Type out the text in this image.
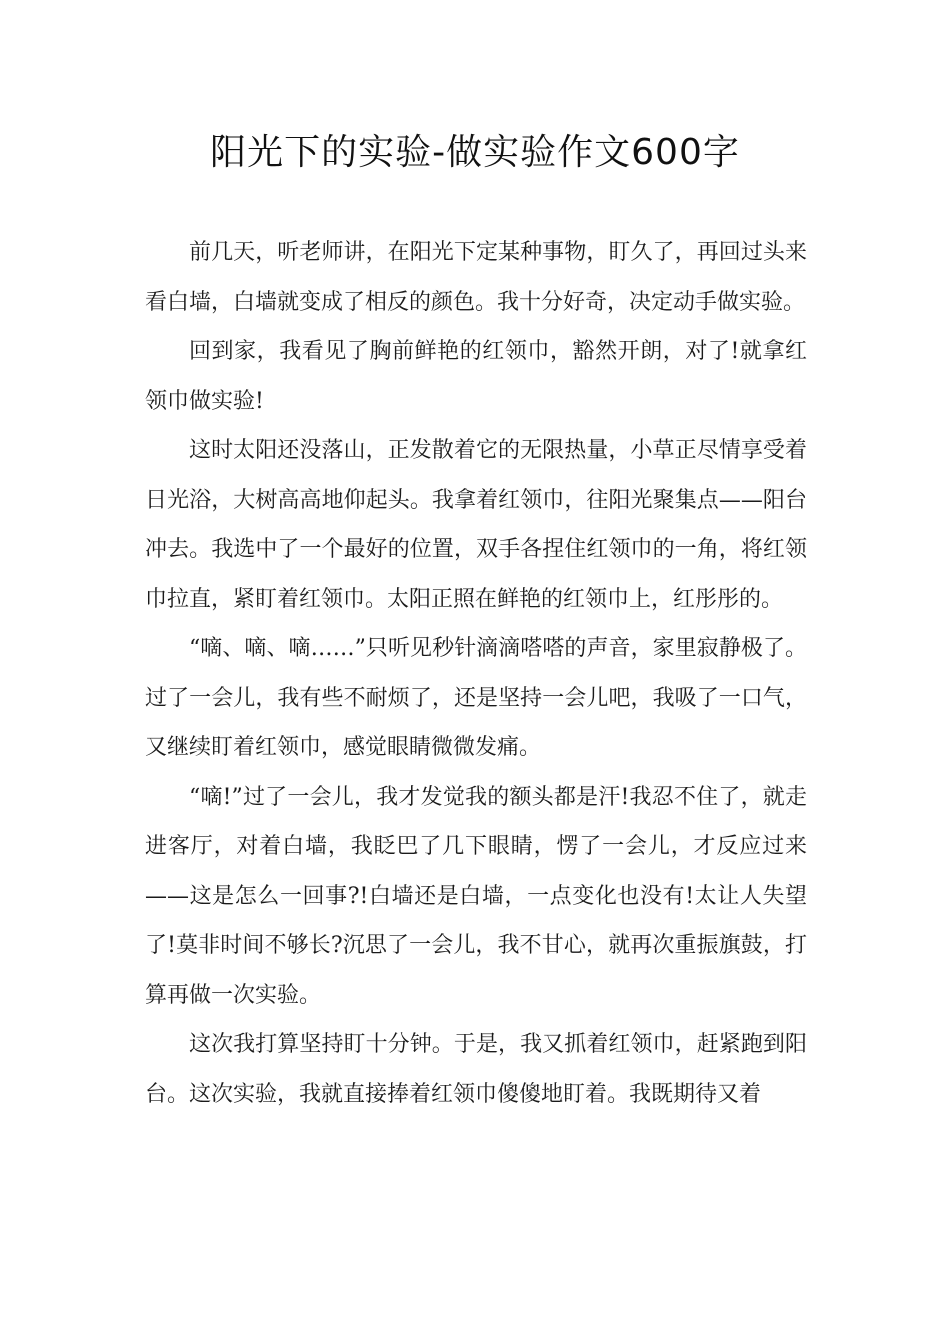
阳光下的实验-做实验作文600字

前几天，听老师讲，在阳光下定某种事物，盯久了，再回过头来看白墙，白墙就变成了相反的颜色。我十分好奇，决定动手做实验。

回到家，我看见了胸前鲜艳的红领巾，豁然开朗，对了!就拿红领巾做实验!

这时太阳还没落山，正发散着它的无限热量，小草正尽情享受着日光浴，大树高高地仰起头。我拿着红领巾，往阳光聚集点——阳台冲去。我选中了一个最好的位置，双手各捏住红领巾的一角，将红领巾拉直，紧盯着红领巾。太阳正照在鲜艳的红领巾上，红彤彤的。

“嘀、嘀、嘀……”只听见秒针滴滴嗒嗒的声音，家里寂静极了。过了一会儿，我有些不耐烦了，还是坚持一会儿吧，我吸了一口气，又继续盯着红领巾，感觉眼睛微微发痛。

“嘀!”过了一会儿，我才发觉我的额头都是汗!我忍不住了，就走进客厅，对着白墙，我眨巴了几下眼睛，愣了一会儿，才反应过来——这是怎么一回事?!白墙还是白墙，一点变化也没有!太让人失望了!莫非时间不够长?沉思了一会儿，我不甘心，就再次重振旗鼓，打算再做一次实验。

这次我打算坚持盯十分钟。于是，我又抓着红领巾，赶紧跑到阳台。这次实验，我就直接捧着红领巾傻傻地盯着。我既期待又着
